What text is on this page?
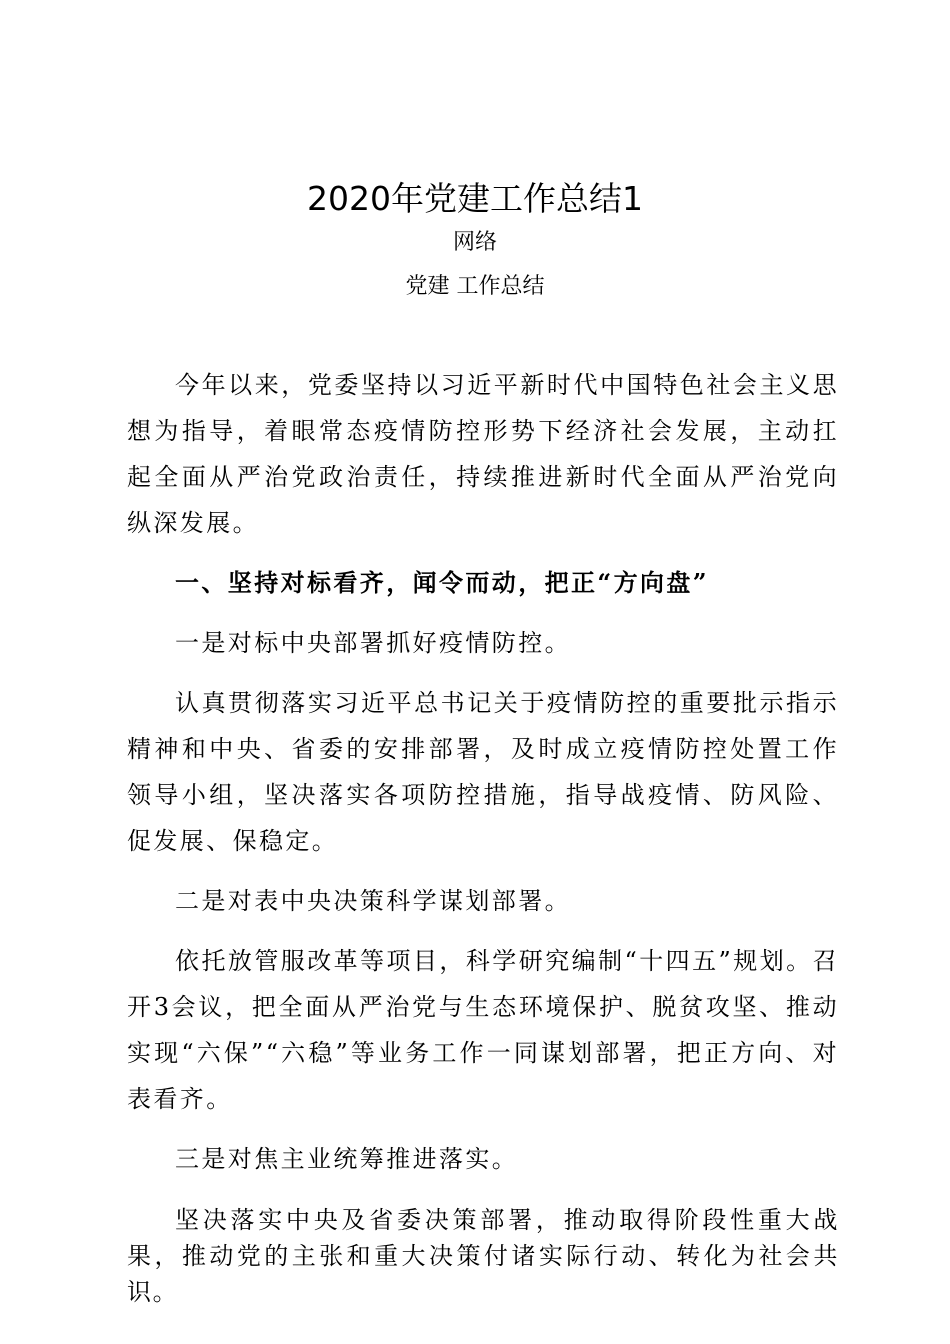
2020年党建工作总结1
网络
党建 工作总结

今年以来，党委坚持以习近平新时代中国特色社会主义思想为指导，着眼常态疫情防控形势下经济社会发展，主动扛起全面从严治党政治责任，持续推进新时代全面从严治党向纵深发展。

一、坚持对标看齐，闻令而动，把正“方向盘”

一是对标中央部署抓好疫情防控。

认真贯彻落实习近平总书记关于疫情防控的重要批示指示精神和中央、省委的安排部署，及时成立疫情防控处置工作领导小组，坚决落实各项防控措施，指导战疫情、防风险、促发展、保稳定。

二是对表中央决策科学谋划部署。

依托放管服改革等项目，科学研究编制“十四五”规划。召开3会议，把全面从严治党与生态环境保护、脱贫攻坚、推动实现“六保”“六稳”等业务工作一同谋划部署，把正方向、对表看齐。

三是对焦主业统筹推进落实。

坚决落实中央及省委决策部署，推动取得阶段性重大战果，推动党的主张和重大决策付诸实际行动、转化为社会共识。
